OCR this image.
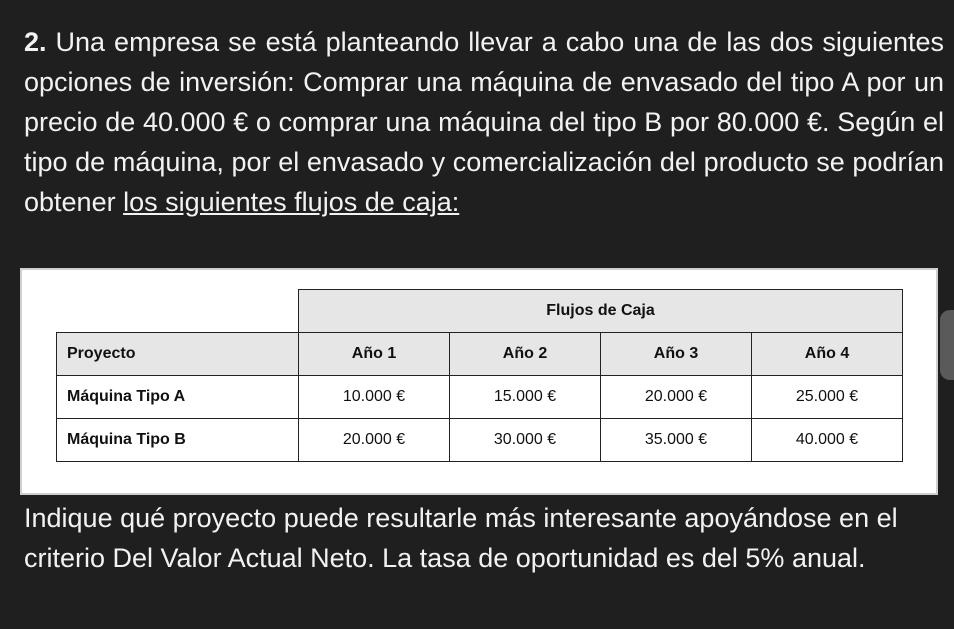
2. Una empresa se está planteando llevar a cabo una de las dos siguientes opciones de inversión: Comprar una máquina de envasado del tipo A por un precio de 40.000 € o comprar una máquina del tipo B por 80.000 €. Según el tipo de máquina, por el envasado y comercialización del producto se podrían obtener los siguientes flujos de caja:
	Flujos de Caja			
Proyecto	Año 1	Año 2	Año 3	Año 4
Máquina Tipo A	10.000 €	15.000 €	20.000 €	25.000 €
Máquina Tipo B	20.000 €	30.000 €	35.000 €	40.000 €
Indique qué proyecto puede resultarle más interesante apoyándose en el criterio Del Valor Actual Neto. La tasa de oportunidad es del 5% anual.
